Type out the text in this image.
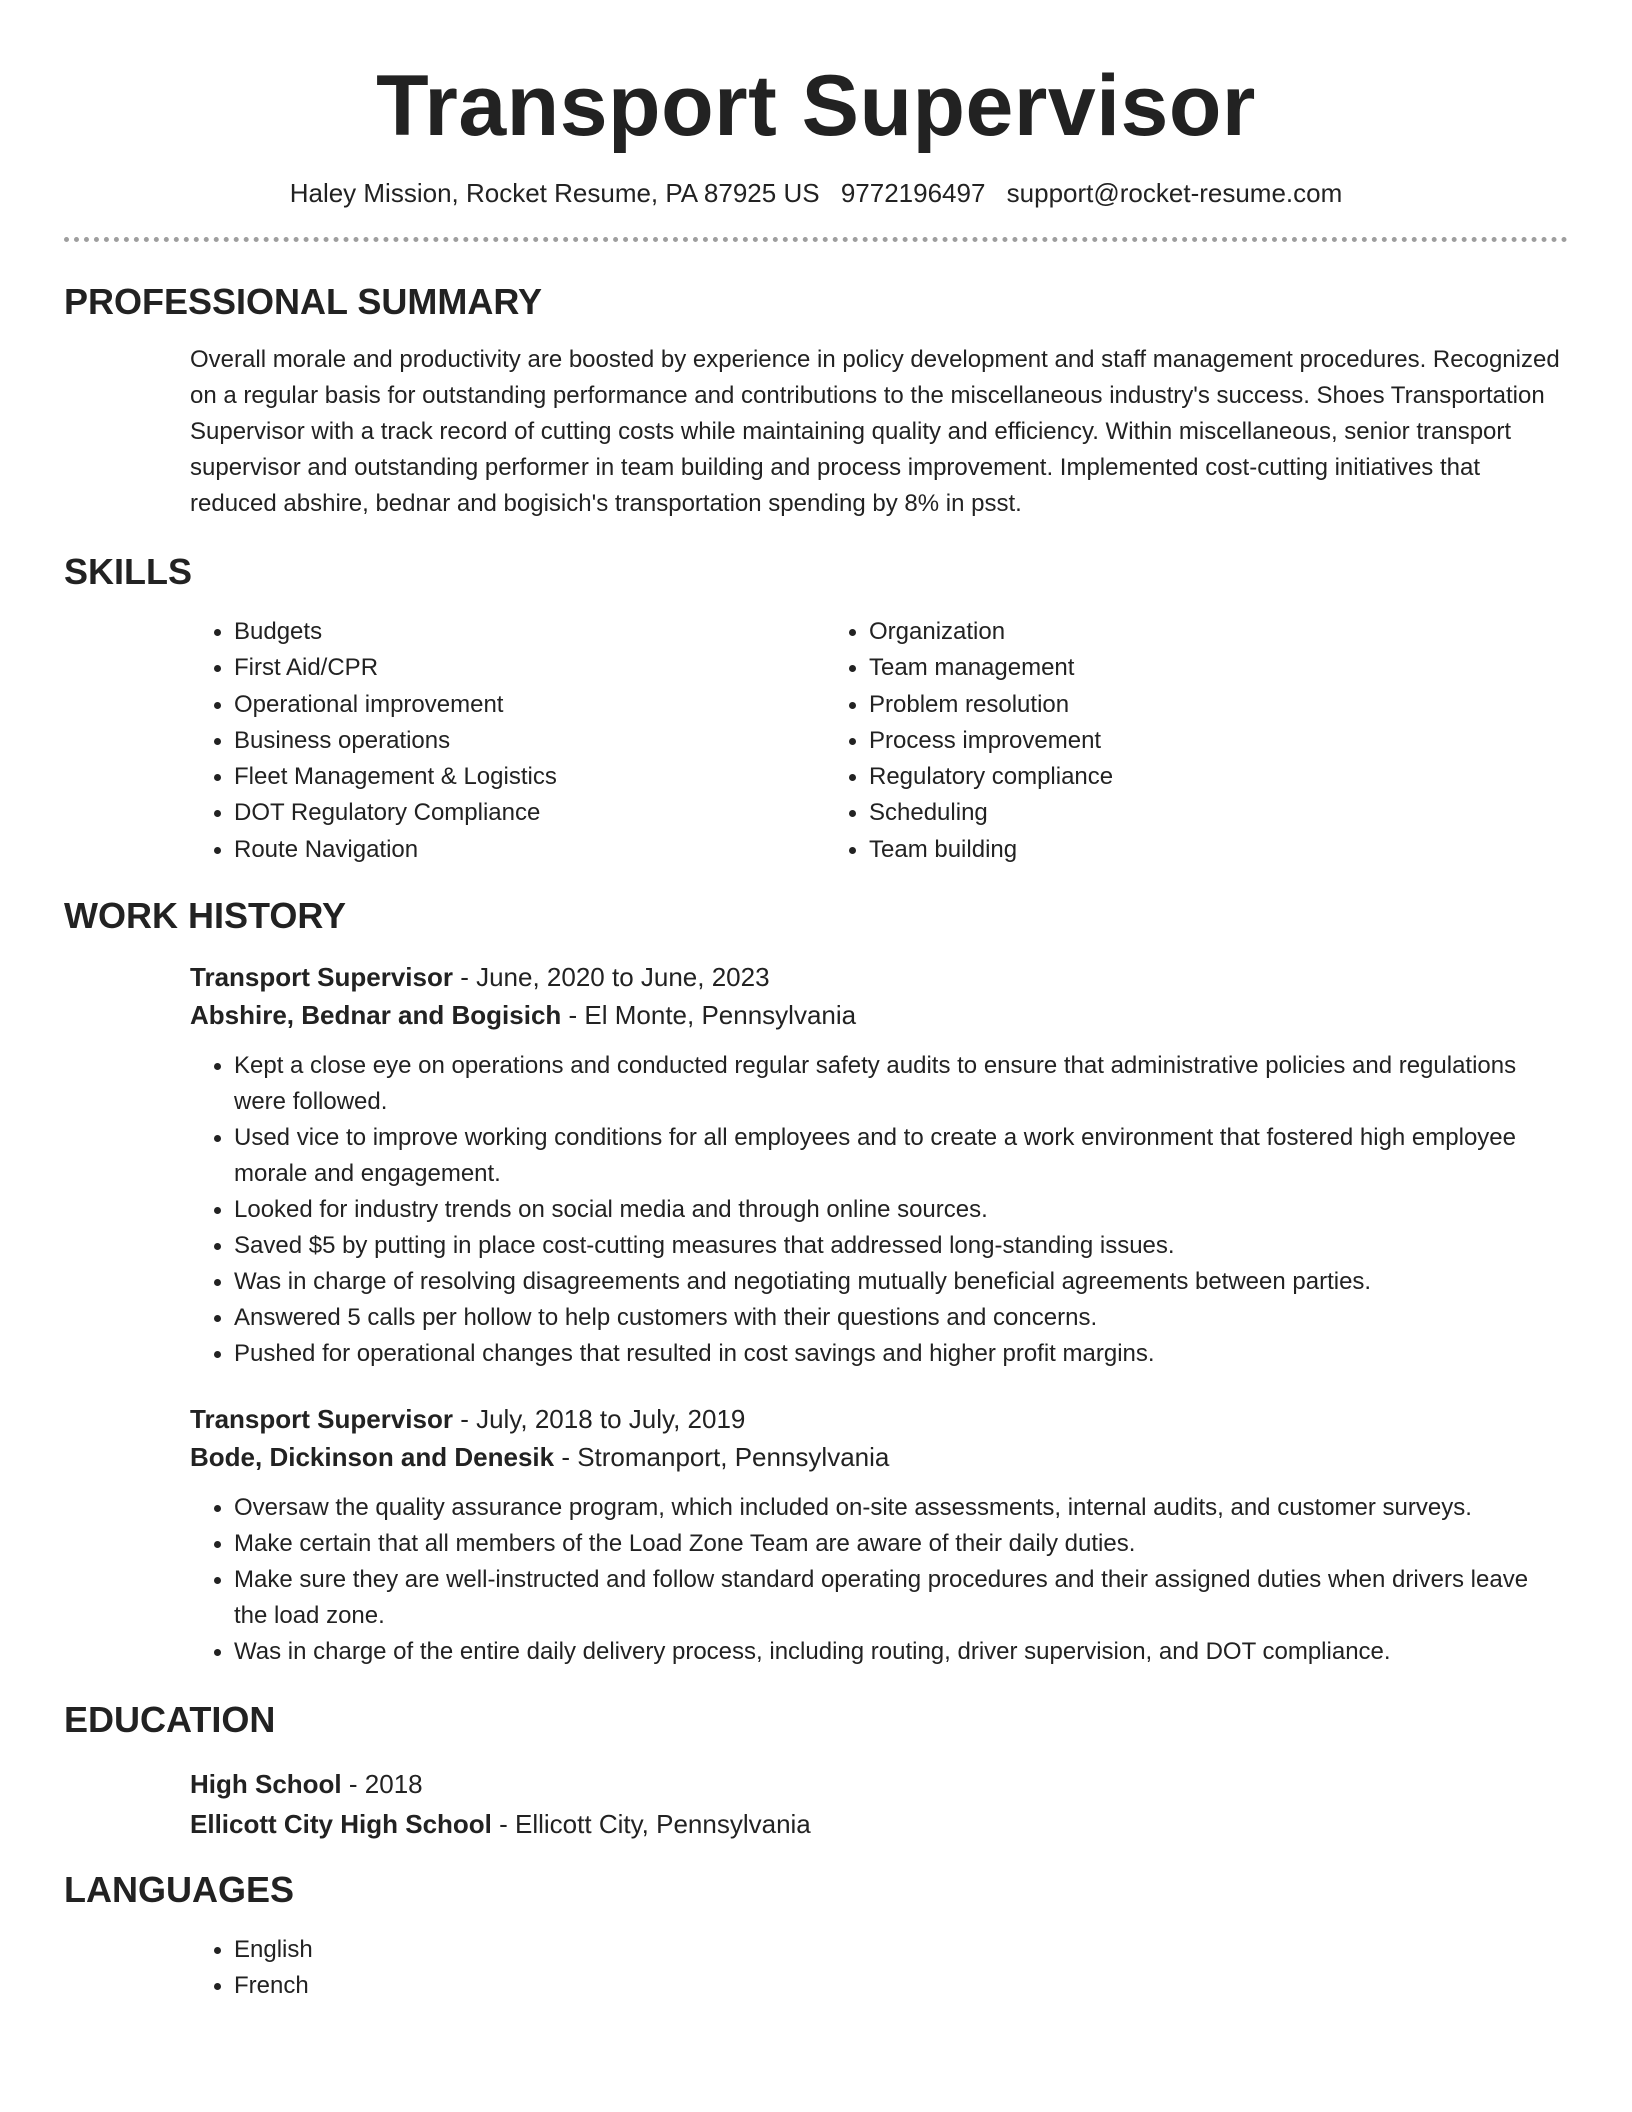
Transport Supervisor
Haley Mission, Rocket Resume, PA 87925 US 9772196497 support@rocket-resume.com
PROFESSIONAL SUMMARY

Overall morale and productivity are boosted by experience in policy development and staff management procedures. Recognized on a regular basis for outstanding performance and contributions to the miscellaneous industry's success. Shoes Transportation Supervisor with a track record of cutting costs while maintaining quality and efficiency. Within miscellaneous, senior transport supervisor and outstanding performer in team building and process improvement. Implemented cost-cutting initiatives that reduced abshire, bednar and bogisich's transportation spending by 8% in psst.

SKILLS
• Budgets
• First Aid/CPR
• Operational improvement
• Business operations
• Fleet Management & Logistics
• DOT Regulatory Compliance
• Route Navigation
• Organization
• Team management
• Problem resolution
• Process improvement
• Regulatory compliance
• Scheduling
• Team building
WORK HISTORY
Transport Supervisor - June, 2020 to June, 2023
Abshire, Bednar and Bogisich - El Monte, Pennsylvania
• Kept a close eye on operations and conducted regular safety audits to ensure that administrative policies and regulations were followed.
• Used vice to improve working conditions for all employees and to create a work environment that fostered high employee morale and engagement.
• Looked for industry trends on social media and through online sources.
• Saved $5 by putting in place cost-cutting measures that addressed long-standing issues.
• Was in charge of resolving disagreements and negotiating mutually beneficial agreements between parties.
• Answered 5 calls per hollow to help customers with their questions and concerns.
• Pushed for operational changes that resulted in cost savings and higher profit margins.
Transport Supervisor - July, 2018 to July, 2019
Bode, Dickinson and Denesik - Stromanport, Pennsylvania
• Oversaw the quality assurance program, which included on-site assessments, internal audits, and customer surveys.
• Make certain that all members of the Load Zone Team are aware of their daily duties.
• Make sure they are well-instructed and follow standard operating procedures and their assigned duties when drivers leave the load zone.
• Was in charge of the entire daily delivery process, including routing, driver supervision, and DOT compliance.
EDUCATION
High School - 2018
Ellicott City High School - Ellicott City, Pennsylvania
LANGUAGES
• English
• French
